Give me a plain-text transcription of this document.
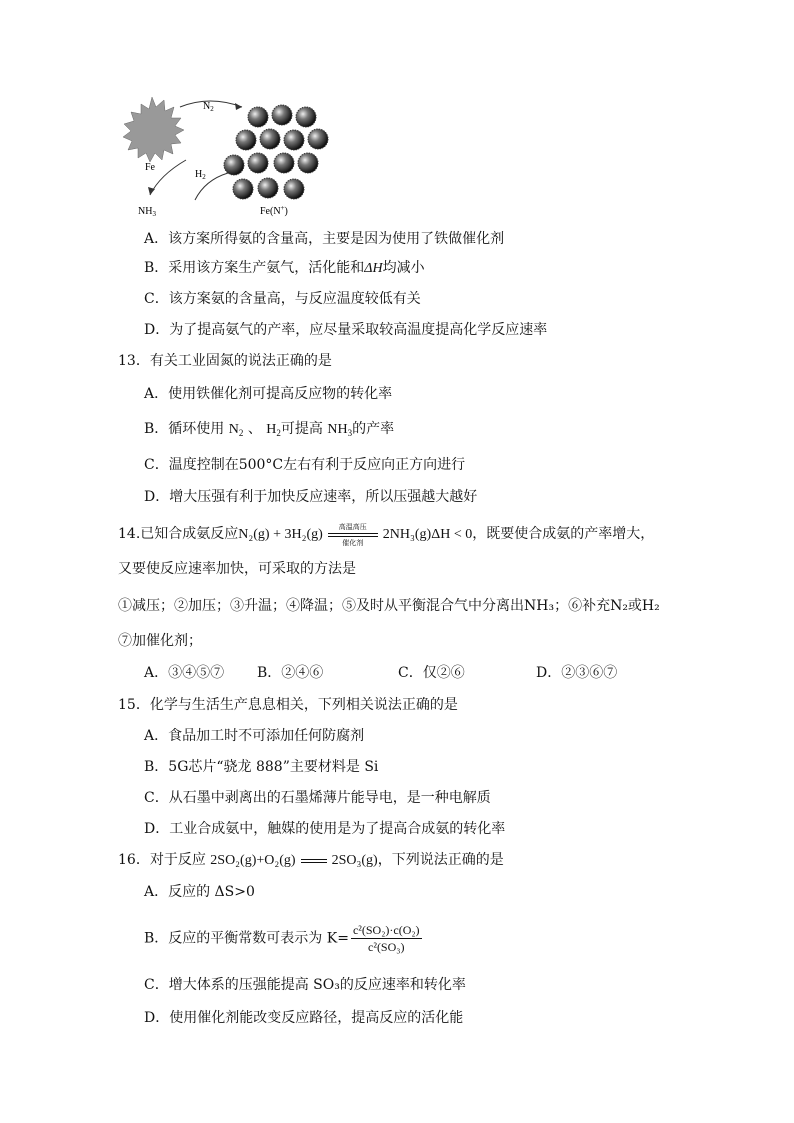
$N_2$
$H_2$
Fe
$NH_3$	Fe(N+)
A．该方案所得氨的含量高，主要是因为使用了铁做催化剂
B．采用该方案生产氨气，活化能和ΔH均减小
C．该方案氨的含量高，与反应温度较低有关
D．为了提高氨气的产率，应尽量采取较高温度提高化学反应速率
13．有关工业固氮的说法正确的是
A．使用铁催化剂可提高反应物的转化率
B．循环使用 $N_2$ 、 $H_2$可提高 $NH_3$的产率
C．温度控制在500°C左右有利于反应向正方向进行
D．增大压强有利于加快反应速率，所以压强越大越好
14.已知合成氨反应N₂(g) + 3H₂(g)	高温高压
催化剂
2NH₃(g)ΔH < 0，既要使合成氨的产率增大，
又要使反应速率加快，可采取的方法是
①减压；②加压；③升温；④降温；⑤及时从平衡混合气中分离出NH₃；⑥补充N₂或H₂
⑦加催化剂；
A．③④⑤⑦ B．②④⑥	C．仅②⑥	D．②③⑥⑦
15．化学与生活生产息息相关，下列相关说法正确的是
A．食品加工时不可添加任何防腐剂
B．5G芯片“骁龙 888”主要材料是 Si
C．从石墨中剥离出的石墨烯薄片能导电，是一种电解质
D．工业合成氨中，触媒的使用是为了提高合成氨的转化率
16．对于反应 2SO₂(g)+O₂(g)	2SO₃(g)，下列说法正确的是
A．反应的 ΔS>0
B．反应的平衡常数可表示为 $K= \frac{\text{c²(SO₂)·c(O₂)}}{\text{c²(SO₃)}}$
C．增大体系的压强能提高 SO₃的反应速率和转化率
D．使用催化剂能改变反应路径，提高反应的活化能
